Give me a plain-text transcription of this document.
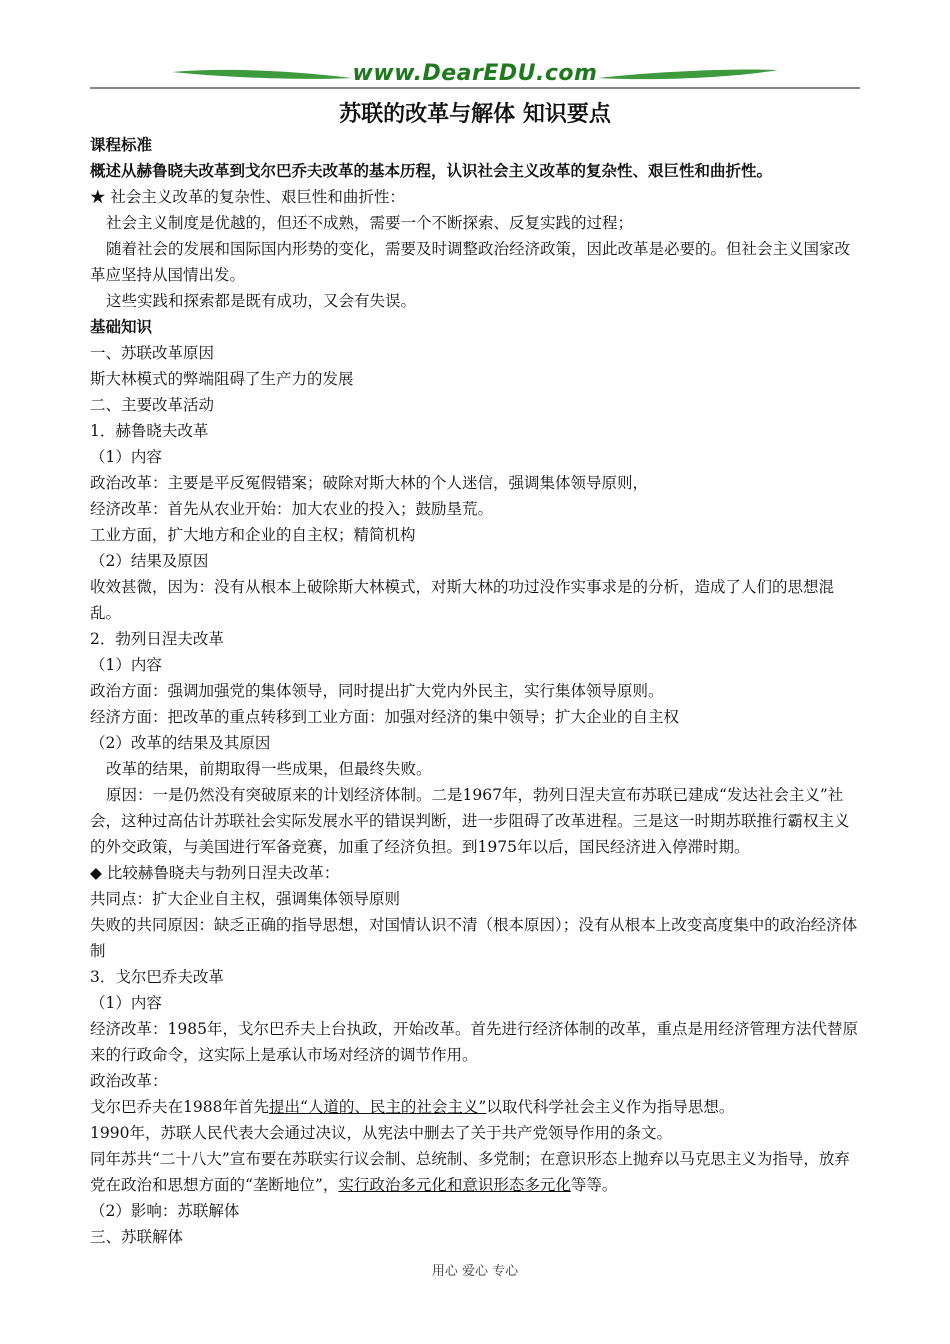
www.DearEDU.com
苏联的改革与解体 知识要点
课程标准
概述从赫鲁晓夫改革到戈尔巴乔夫改革的基本历程，认识社会主义改革的复杂性、艰巨性和曲折性。
★ 社会主义改革的复杂性、艰巨性和曲折性：
社会主义制度是优越的，但还不成熟，需要一个不断探索、反复实践的过程；
随着社会的发展和国际国内形势的变化，需要及时调整政治经济政策，因此改革是必要的。但社会主义国家改革应坚持从国情出发。
这些实践和探索都是既有成功，又会有失误。
基础知识
一、苏联改革原因
斯大林模式的弊端阻碍了生产力的发展
二、主要改革活动
1．赫鲁晓夫改革
（1）内容
政治改革：主要是平反冤假错案；破除对斯大林的个人迷信，强调集体领导原则，
经济改革：首先从农业开始：加大农业的投入；鼓励垦荒。
工业方面，扩大地方和企业的自主权；精简机构
（2）结果及原因
收效甚微，因为：没有从根本上破除斯大林模式，对斯大林的功过没作实事求是的分析，造成了人们的思想混乱。
2．勃列日涅夫改革
（1）内容
政治方面：强调加强党的集体领导，同时提出扩大党内外民主，实行集体领导原则。
经济方面：把改革的重点转移到工业方面：加强对经济的集中领导；扩大企业的自主权
（2）改革的结果及其原因
改革的结果，前期取得一些成果，但最终失败。
原因：一是仍然没有突破原来的计划经济体制。二是1967年，勃列日涅夫宣布苏联已建成“发达社会主义”社会，这种过高估计苏联社会实际发展水平的错误判断，进一步阻碍了改革进程。三是这一时期苏联推行霸权主义的外交政策，与美国进行军备竞赛，加重了经济负担。到1975年以后，国民经济进入停滞时期。
◆ 比较赫鲁晓夫与勃列日涅夫改革：
共同点：扩大企业自主权，强调集体领导原则
失败的共同原因：缺乏正确的指导思想，对国情认识不清（根本原因）；没有从根本上改变高度集中的政治经济体制
3．戈尔巴乔夫改革
（1）内容
经济改革：1985年，戈尔巴乔夫上台执政，开始改革。首先进行经济体制的改革，重点是用经济管理方法代替原来的行政命令，这实际上是承认市场对经济的调节作用。
政治改革：
戈尔巴乔夫在1988年首先提出“人道的、民主的社会主义”以取代科学社会主义作为指导思想。
1990年，苏联人民代表大会通过决议，从宪法中删去了关于共产党领导作用的条文。
同年苏共“二十八大”宣布要在苏联实行议会制、总统制、多党制；在意识形态上抛弃以马克思主义为指导，放弃党在政治和思想方面的“垄断地位”，实行政治多元化和意识形态多元化等等。
（2）影响：苏联解体
三、苏联解体
用心 爱心 专心
